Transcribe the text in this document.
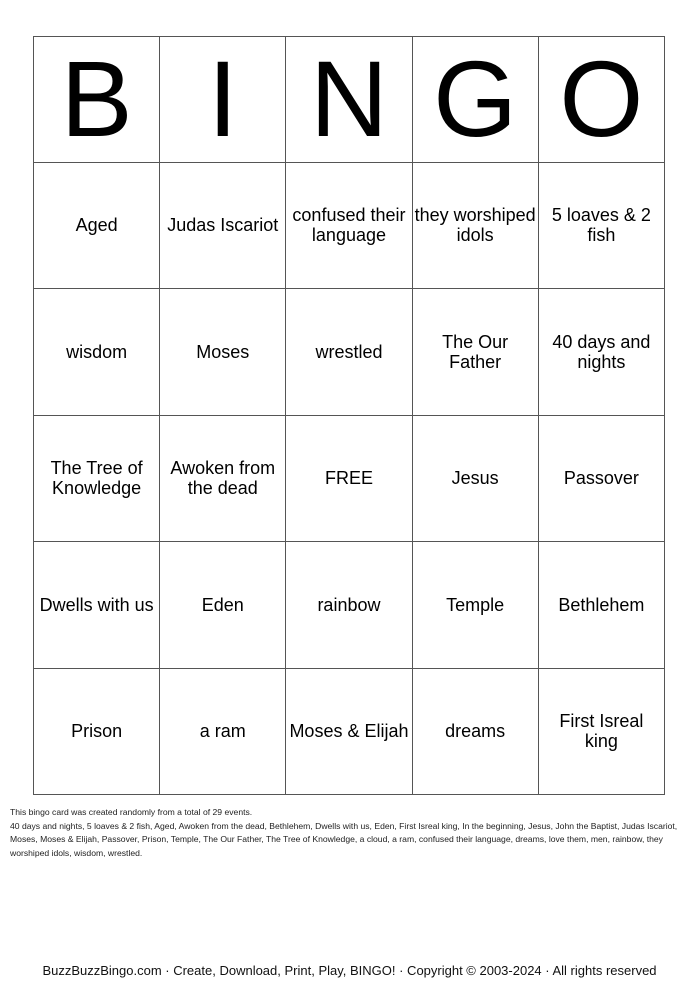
B	I	N	G	O
Aged	Judas Iscariot	confused their language	they worshiped idols	5 loaves & 2 fish
wisdom	Moses	wrestled	The Our Father	40 days and nights
The Tree of Knowledge	Awoken from the dead	FREE	Jesus	Passover
Dwells with us	Eden	rainbow	Temple	Bethlehem
Prison	a ram	Moses & Elijah	dreams	First Isreal king
This bingo card was created randomly from a total of 29 events.
40 days and nights, 5 loaves & 2 fish, Aged, Awoken from the dead, Bethlehem, Dwells with us, Eden, First Isreal king, In the beginning, Jesus, John the Baptist, Judas Iscariot, Moses, Moses & Elijah, Passover, Prison, Temple, The Our Father, The Tree of Knowledge, a cloud, a ram, confused their language, dreams, love them, men, rainbow, they worshiped idols, wisdom, wrestled.
BuzzBuzzBingo.com · Create, Download, Print, Play, BINGO! · Copyright © 2003-2024 · All rights reserved
